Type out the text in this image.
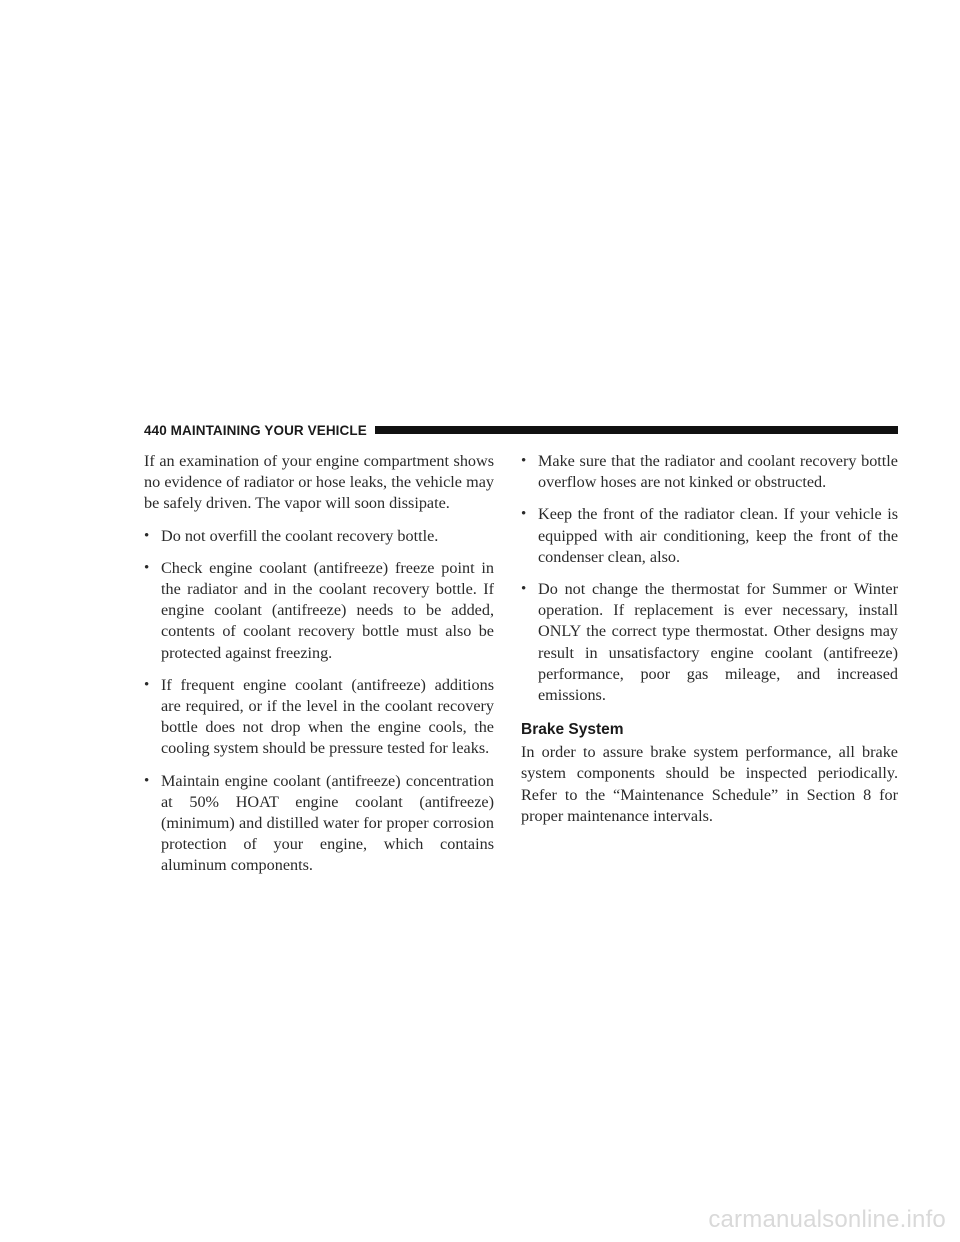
440 MAINTAINING YOUR VEHICLE

If an examination of your engine compartment shows no evidence of radiator or hose leaks, the vehicle may be safely driven. The vapor will soon dissipate.

• Do not overfill the coolant recovery bottle.
• Check engine coolant (antifreeze) freeze point in the radiator and in the coolant recovery bottle. If engine coolant (antifreeze) needs to be added, contents of coolant recovery bottle must also be protected against freezing.
• If frequent engine coolant (antifreeze) additions are required, or if the level in the coolant recovery bottle does not drop when the engine cools, the cooling system should be pressure tested for leaks.
• Maintain engine coolant (antifreeze) concentration at 50% HOAT engine coolant (antifreeze) (minimum) and distilled water for proper corrosion protection of your engine, which contains aluminum components.
• Make sure that the radiator and coolant recovery bottle overflow hoses are not kinked or obstructed.
• Keep the front of the radiator clean. If your vehicle is equipped with air conditioning, keep the front of the condenser clean, also.
• Do not change the thermostat for Summer or Winter operation. If replacement is ever necessary, install ONLY the correct type thermostat. Other designs may result in unsatisfactory engine coolant (antifreeze) performance, poor gas mileage, and increased emissions.
Brake System

In order to assure brake system performance, all brake system components should be inspected periodically. Refer to the “Maintenance Schedule” in Section 8 for proper maintenance intervals.

carmanualsonline.info
